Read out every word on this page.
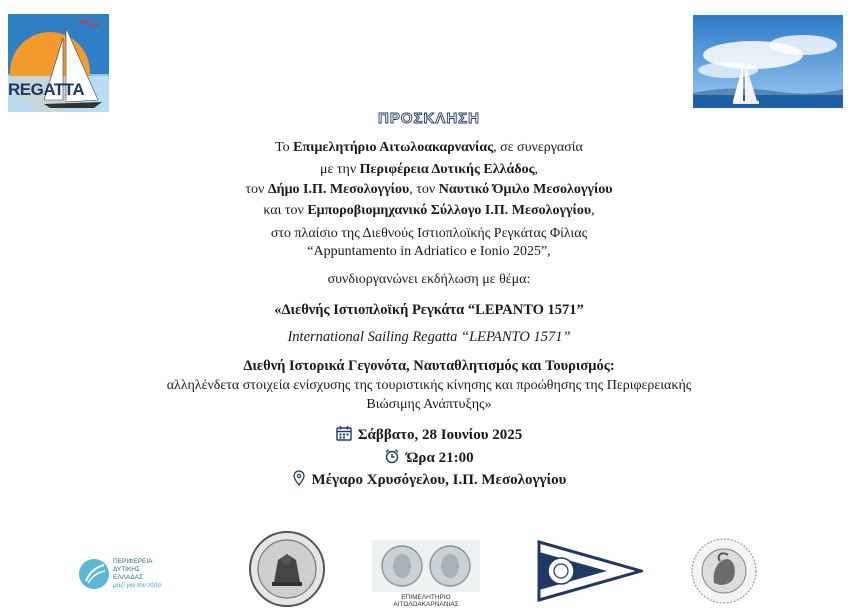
REGATTA
ΠΡΟΣΚΛΗΣΗ
Το Επιμελητήριο Αιτωλοακαρνανίας, σε συνεργασία
με την Περιφέρεια Δυτικής Ελλάδος,
τον Δήμο Ι.Π. Μεσολογγίου, τον Ναυτικό Όμιλο Μεσολογγίου
και τον Εμποροβιομηχανικό Σύλλογο Ι.Π. Μεσολογγίου,
στο πλαίσιο της Διεθνούς Ιστιοπλοϊκής Ρεγκάτας Φίλιας
“Appuntamento in Adriatico e Ionio 2025”,
συνδιοργανώνει εκδήλωση με θέμα:
«Διεθνής Ιστιοπλοϊκή Ρεγκάτα “LEPANTO 1571”
International Sailing Regatta “LEPANTO 1571”
Διεθνή Ιστορικά Γεγονότα, Ναυταθλητισμός και Τουρισμός:
αλληλένδετα στοιχεία ενίσχυσης της τουριστικής κίνησης και προώθησης της Περιφερειακής
Βιώσιμης Ανάπτυξης»
Σάββατο, 28 Ιουνίου 2025
Ώρα 21:00
Μέγαρο Χρυσόγελου, Ι.Π. Μεσολογγίου
ΠΕΡΙΦΕΡΕΙΑ
ΔΥΤΙΚΗΣ
ΕΛΛΑΔΑΣ
μαζί για τον τόπο
ΕΠΙΜΕΛΗΤΗΡΙΟ ΑΙΤΩΛΟΑΚΑΡΝΑΝΙΑΣ
